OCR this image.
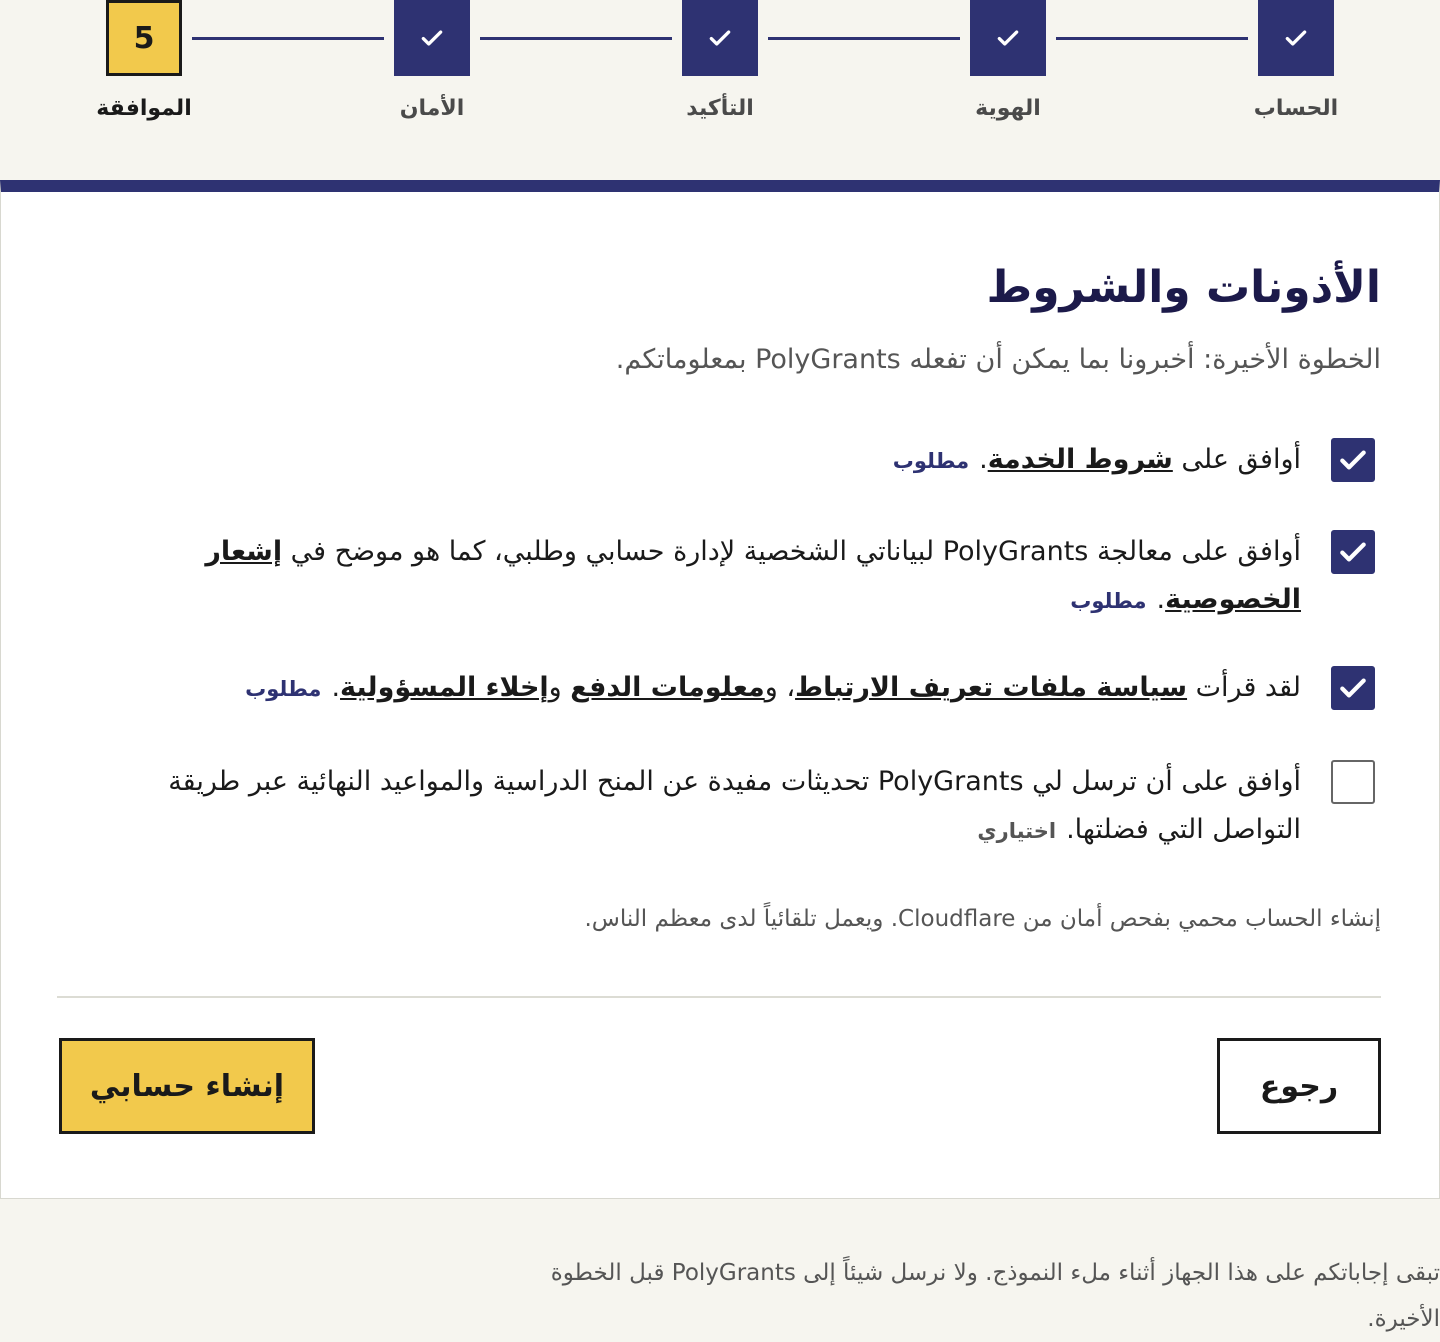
الحساب
الهوية
التأكيد
الأمان
5
الموافقة
الأذونات والشروط
الخطوة الأخيرة: أخبرونا بما يمكن أن تفعله PolyGrants بمعلوماتكم.
أوافق على شروط الخدمة.مطلوب
أوافق على معالجة PolyGrants لبياناتي الشخصية لإدارة حسابي وطلبي، كما هو موضح في إشعار الخصوصية.مطلوب
لقد قرأت سياسة ملفات تعريف الارتباط، ومعلومات الدفع وإخلاء المسؤولية.مطلوب
أوافق على أن ترسل لي PolyGrants تحديثات مفيدة عن المنح الدراسية والمواعيد النهائية عبر طريقة التواصل التي فضلتها.اختياري
إنشاء الحساب محمي بفحص أمان من Cloudflare. ويعمل تلقائياً لدى معظم الناس.
رجوع
إنشاء حسابي
تبقى إجاباتكم على هذا الجهاز أثناء ملء النموذج. ولا نرسل شيئاً إلى PolyGrants قبل الخطوة الأخيرة.
